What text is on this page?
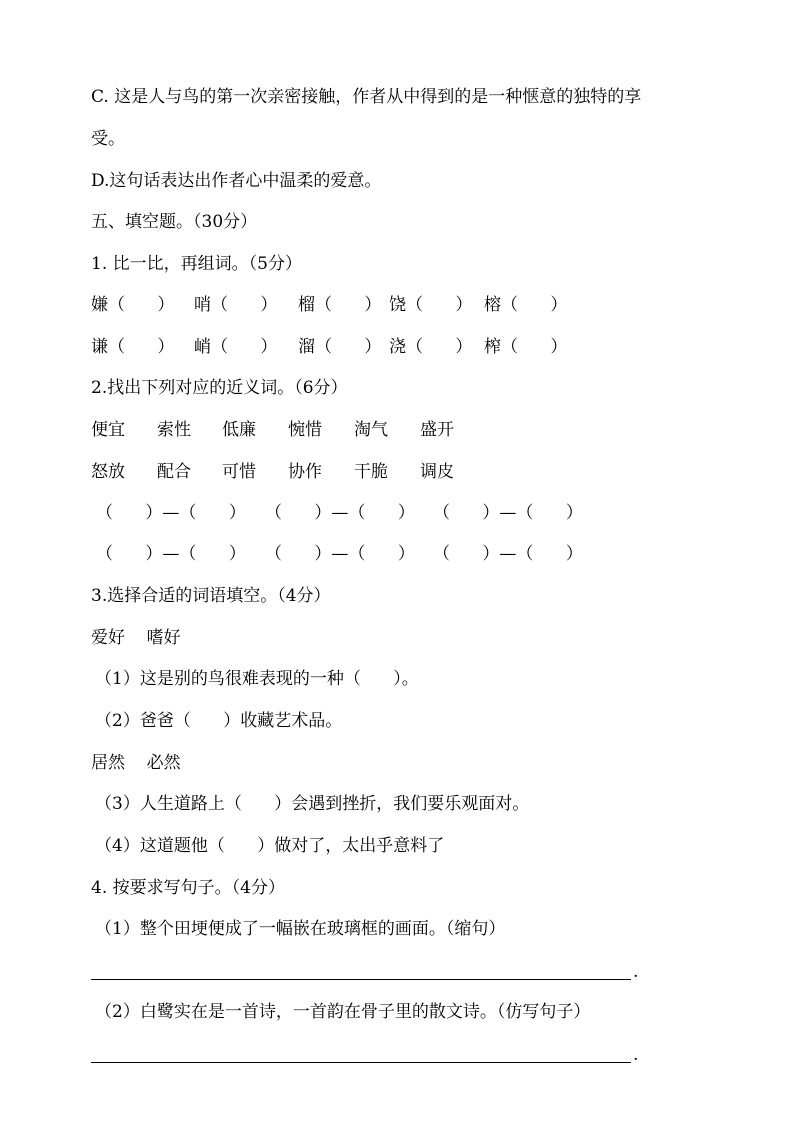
C. 这是人与鸟的第一次亲密接触，作者从中得到的是一种惬意的独特的享
受。
D.这句话表达出作者心中温柔的爱意。
五、填空题。（30分）
1. 比一比，再组词。（5分）
嫌（      ） 哨（      ） 榴（      ） 饶（      ） 榕（      ）
谦（      ） 峭（      ） 溜（      ） 浇（      ） 榨（      ）
2.找出下列对应的近义词。（6分）
便宜 索性 低廉 惋惜 淘气 盛开
怒放 配合 可惜 协作 干脆 调皮
（      ）—（      ） （      ）—（      ） （      ）—（      ）
（      ）—（      ） （      ）—（      ） （      ）—（      ）
3.选择合适的词语填空。（4分）
爱好    嗜好
（1）这是别的鸟很难表现的一种（      ）。
（2）爸爸（      ）收藏艺术品。
居然    必然
（3）人生道路上（      ）会遇到挫折，我们要乐观面对。
（4）这道题他（      ）做对了，太出乎意料了
4. 按要求写句子。（4分）
（1）整个田埂便成了一幅嵌在玻璃框的画面。（缩句）
.
（2）白鹭实在是一首诗，一首韵在骨子里的散文诗。（仿写句子）
.
